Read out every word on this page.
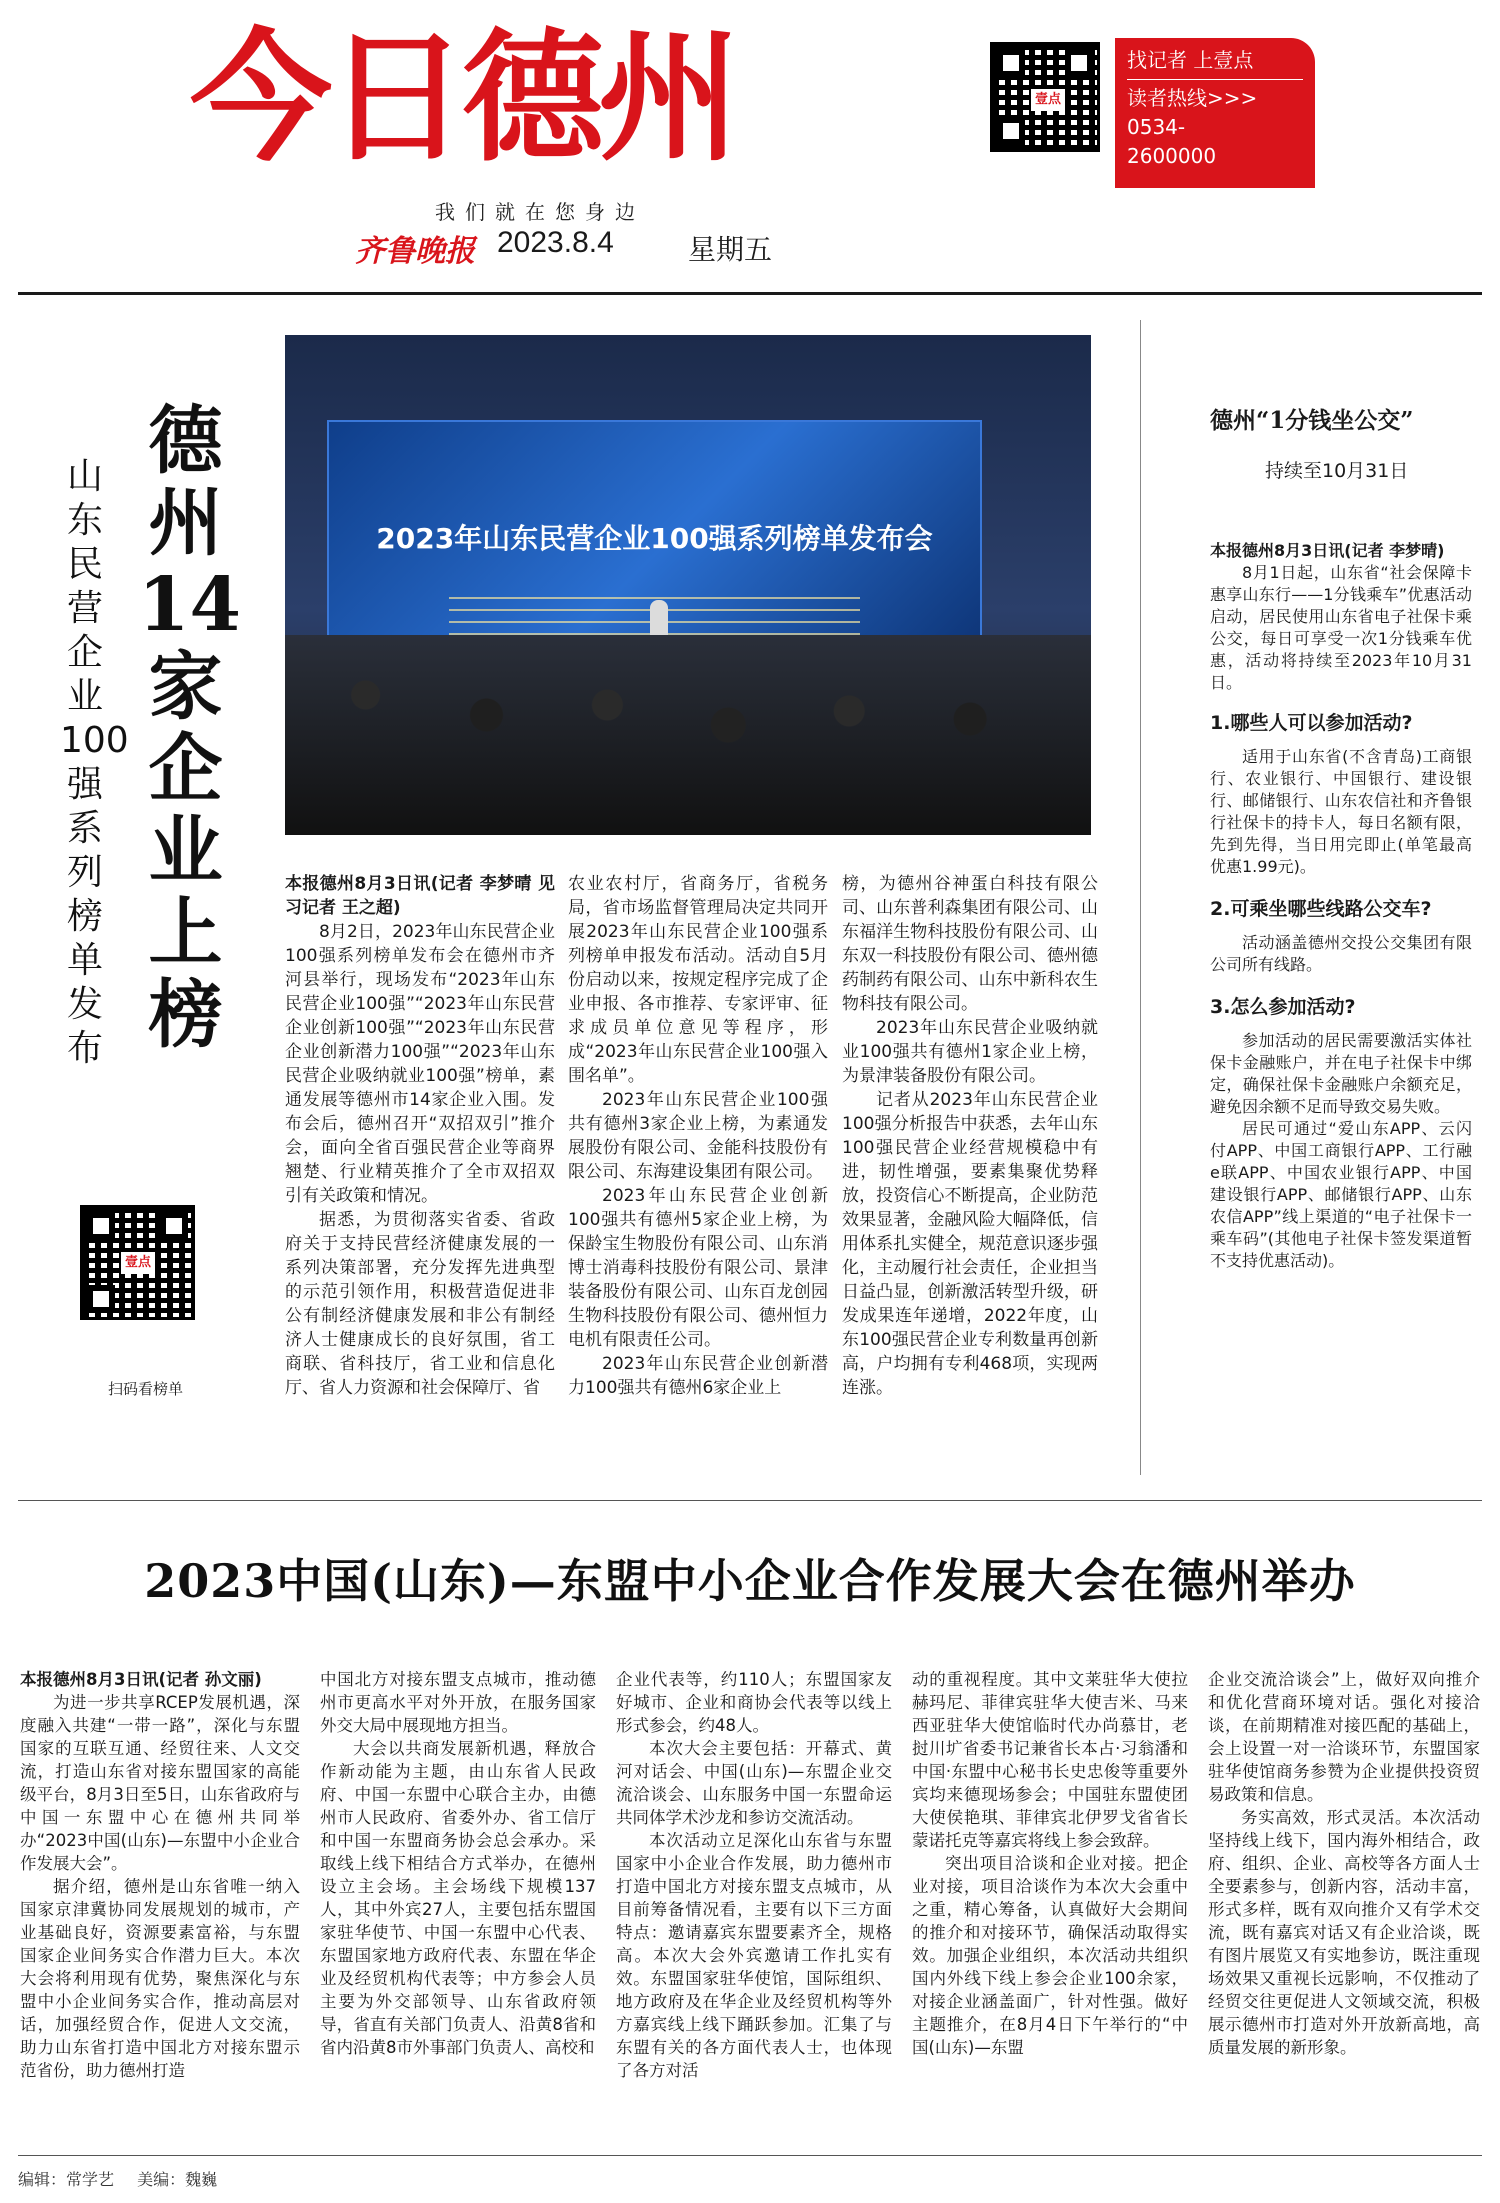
今日德州
我们就在您身边
齐鲁晚报 2023.8.4	星期五
壹点
找记者 上壹点
读者热线>>>
0534-
2600000
2023年山东民营企业100强系列榜单发布会
德州14家企业上榜
山东民营企业100强系列榜单发布
壹点
扫码看榜单
本报德州8月3日讯(记者 李梦晴 见习记者 王之超)

8月2日，2023年山东民营企业100强系列榜单发布会在德州市齐河县举行，现场发布“2023年山东民营企业100强”“2023年山东民营企业创新100强”“2023年山东民营企业创新潜力100强”“2023年山东民营企业吸纳就业100强”榜单，素通发展等德州市14家企业入围。发布会后，德州召开“双招双引”推介会，面向全省百强民营企业等商界翘楚、行业精英推介了全市双招双引有关政策和情况。

据悉，为贯彻落实省委、省政府关于支持民营经济健康发展的一系列决策部署，充分发挥先进典型的示范引领作用，积极营造促进非公有制经济健康发展和非公有制经济人士健康成长的良好氛围，省工商联、省科技厅，省工业和信息化厅、省人力资源和社会保障厅、省

农业农村厅，省商务厅，省税务局，省市场监督管理局决定共同开展2023年山东民营企业100强系列榜单申报发布活动。活动自5月份启动以来，按规定程序完成了企业申报、各市推荐、专家评审、征求成员单位意见等程序，形成“2023年山东民营企业100强入围名单”。

2023年山东民营企业100强共有德州3家企业上榜，为素通发展股份有限公司、金能科技股份有限公司、东海建设集团有限公司。

2023年山东民营企业创新100强共有德州5家企业上榜，为保龄宝生物股份有限公司、山东消博士消毒科技股份有限公司、景津装备股份有限公司、山东百龙创园生物科技股份有限公司、德州恒力电机有限责任公司。

2023年山东民营企业创新潜力100强共有德州6家企业上

榜，为德州谷神蛋白科技有限公司、山东普利森集团有限公司、山东福洋生物科技股份有限公司、山东双一科技股份有限公司、德州德药制药有限公司、山东中新科农生物科技有限公司。

2023年山东民营企业吸纳就业100强共有德州1家企业上榜，为景津装备股份有限公司。

记者从2023年山东民营企业100强分析报告中获悉，去年山东100强民营企业经营规模稳中有进，韧性增强，要素集聚优势释放，投资信心不断提高，企业防范效果显著，金融风险大幅降低，信用体系扎实健全，规范意识逐步强化，主动履行社会责任，企业担当日益凸显，创新激活转型升级，研发成果连年递增，2022年度，山东100强民营企业专利数量再创新高，户均拥有专利468项，实现两连涨。

德州“1分钱坐公交”
持续至10月31日
本报德州8月3日讯(记者 李梦晴)

8月1日起，山东省“社会保障卡 惠享山东行——1分钱乘车”优惠活动启动，居民使用山东省电子社保卡乘公交，每日可享受一次1分钱乘车优惠，活动将持续至2023年10月31日。

1.哪些人可以参加活动?

适用于山东省(不含青岛)工商银行、农业银行、中国银行、建设银行、邮储银行、山东农信社和齐鲁银行社保卡的持卡人，每日名额有限，先到先得，当日用完即止(单笔最高优惠1.99元)。

2.可乘坐哪些线路公交车?

活动涵盖德州交投公交集团有限公司所有线路。

3.怎么参加活动?

参加活动的居民需要激活实体社保卡金融账户，并在电子社保卡中绑定，确保社保卡金融账户余额充足，避免因余额不足而导致交易失败。

居民可通过“爱山东APP、云闪付APP、中国工商银行APP、工行融e联APP、中国农业银行APP、中国建设银行APP、邮储银行APP、山东农信APP”线上渠道的“电子社保卡一乘车码”(其他电子社保卡签发渠道暂不支持优惠活动)。

2023中国(山东)—东盟中小企业合作发展大会在德州举办
本报德州8月3日讯(记者 孙文丽)

为进一步共享RCEP发展机遇，深度融入共建“一带一路”，深化与东盟国家的互联互通、经贸往来、人文交流，打造山东省对接东盟国家的高能级平台，8月3日至5日，山东省政府与中国一东盟中心在德州共同举办“2023中国(山东)—东盟中小企业合作发展大会”。

据介绍，德州是山东省唯一纳入国家京津冀协同发展规划的城市，产业基础良好，资源要素富裕，与东盟国家企业间务实合作潜力巨大。本次大会将利用现有优势，聚焦深化与东盟中小企业间务实合作，推动高层对话，加强经贸合作，促进人文交流，助力山东省打造中国北方对接东盟示范省份，助力德州打造

中国北方对接东盟支点城市，推动德州市更高水平对外开放，在服务国家外交大局中展现地方担当。

大会以共商发展新机遇，释放合作新动能为主题，由山东省人民政府、中国一东盟中心联合主办，由德州市人民政府、省委外办、省工信厅和中国一东盟商务协会总会承办。采取线上线下相结合方式举办，在德州设立主会场。主会场线下规模137人，其中外宾27人，主要包括东盟国家驻华使节、中国一东盟中心代表、东盟国家地方政府代表、东盟在华企业及经贸机构代表等；中方参会人员主要为外交部领导、山东省政府领导，省直有关部门负责人、沿黄8省和省内沿黄8市外事部门负责人、高校和

企业代表等，约110人；东盟国家友好城市、企业和商协会代表等以线上形式参会，约48人。

本次大会主要包括：开幕式、黄河对话会、中国(山东)—东盟企业交流洽谈会、山东服务中国一东盟命运共同体学术沙龙和参访交流活动。

本次活动立足深化山东省与东盟国家中小企业合作发展，助力德州市打造中国北方对接东盟支点城市，从目前筹备情况看，主要有以下三方面特点：邀请嘉宾东盟要素齐全，规格高。本次大会外宾邀请工作扎实有效。东盟国家驻华使馆，国际组织、地方政府及在华企业及经贸机构等外方嘉宾线上线下踊跃参加。汇集了与东盟有关的各方面代表人士，也体现了各方对活

动的重视程度。其中文莱驻华大使拉赫玛尼、菲律宾驻华大使吉米、马来西亚驻华大使馆临时代办尚慕甘，老挝川圹省委书记兼省长本占·习翁潘和中国·东盟中心秘书长史忠俊等重要外宾均来德现场参会；中国驻东盟使团大使侯艳琪、菲律宾北伊罗戈省省长蒙诺托克等嘉宾将线上参会致辞。

突出项目洽谈和企业对接。把企业对接，项目洽谈作为本次大会重中之重，精心筹备，认真做好大会期间的推介和对接环节，确保活动取得实效。加强企业组织，本次活动共组织国内外线下线上参会企业100余家，对接企业涵盖面广，针对性强。做好主题推介，在8月4日下午举行的“中国(山东)—东盟

企业交流洽谈会”上，做好双向推介和优化营商环境对话。强化对接洽谈，在前期精准对接匹配的基础上，会上设置一对一洽谈环节，东盟国家驻华使馆商务参赞为企业提供投资贸易政策和信息。

务实高效，形式灵活。本次活动坚持线上线下，国内海外相结合，政府、组织、企业、高校等各方面人士全要素参与，创新内容，活动丰富，形式多样，既有双向推介又有学术交流，既有嘉宾对话又有企业洽谈，既有图片展览又有实地参访，既注重现场效果又重视长远影响，不仅推动了经贸交往更促进人文领域交流，积极展示德州市打造对外开放新高地，高质量发展的新形象。

编辑：常学艺 美编：魏巍
